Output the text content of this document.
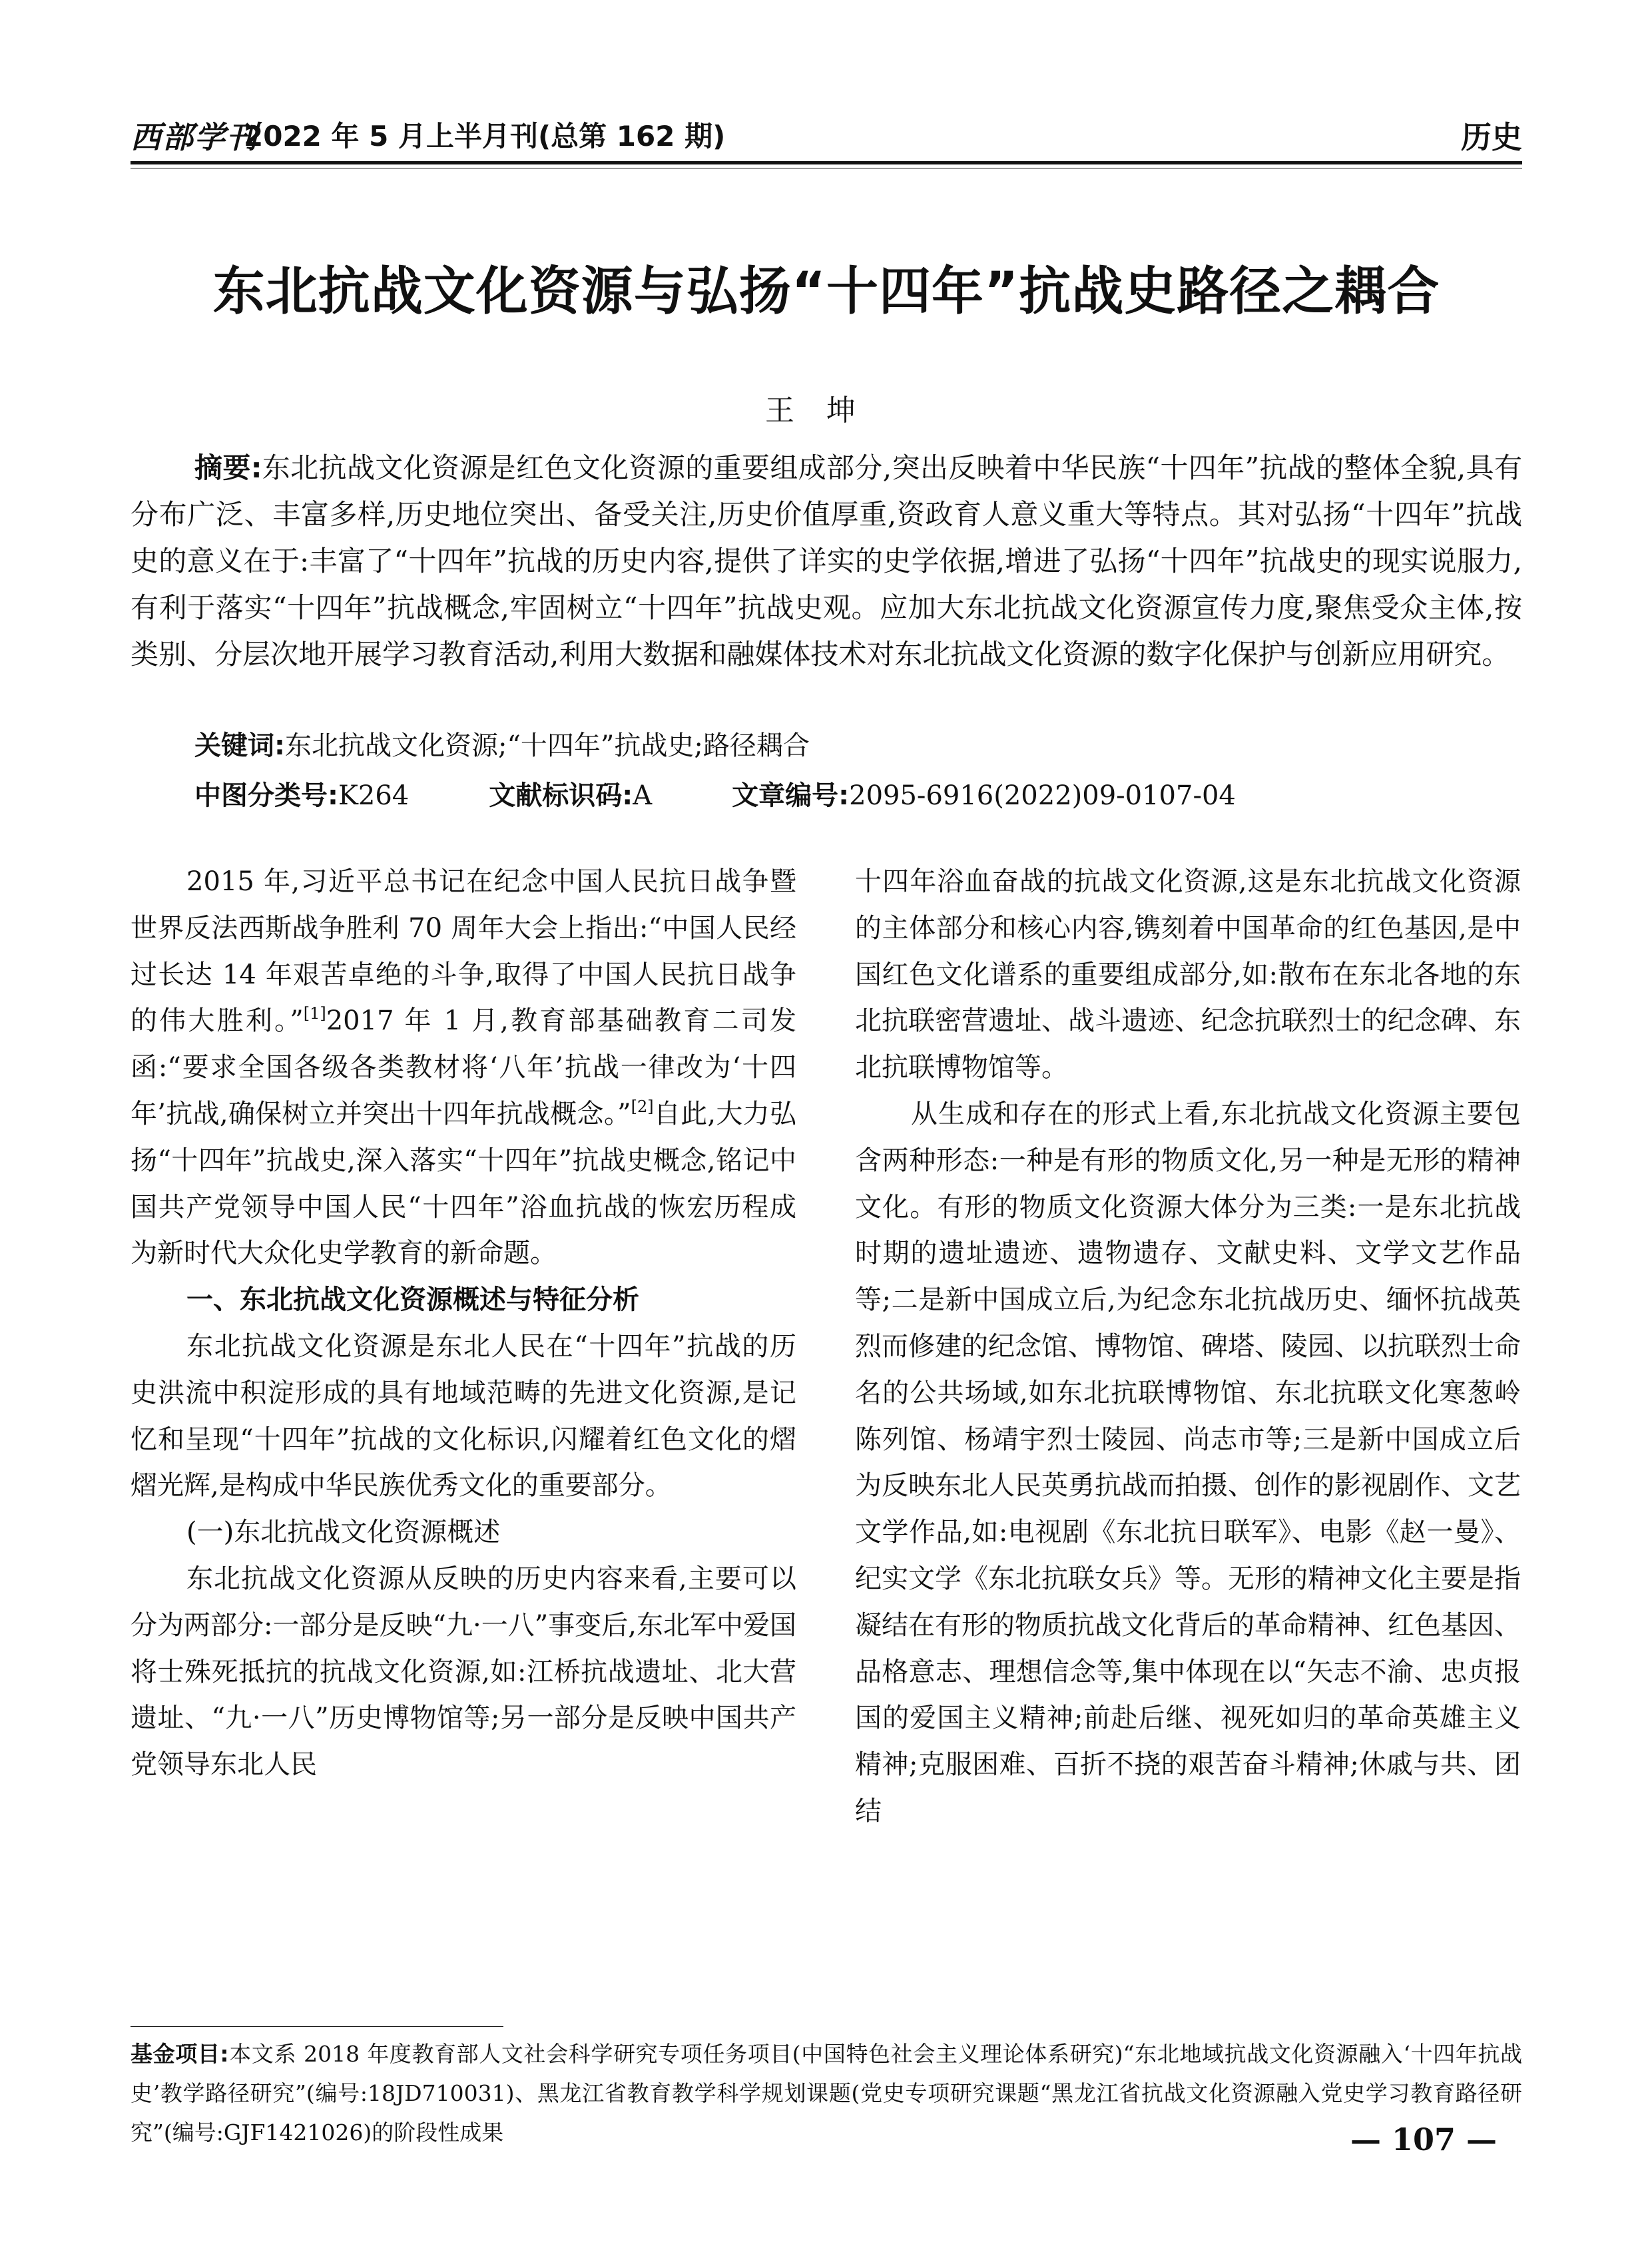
西部学刊
2022 年 5 月上半月刊(总第 162 期)	历史
东北抗战文化资源与弘扬“十四年”抗战史路径之耦合
王坤
摘要:东北抗战文化资源是红色文化资源的重要组成部分,突出反映着中华民族“十四年”抗战的整体全貌,具有分布广泛、丰富多样,历史地位突出、备受关注,历史价值厚重,资政育人意义重大等特点。其对弘扬“十四年”抗战史的意义在于:丰富了“十四年”抗战的历史内容,提供了详实的史学依据,增进了弘扬“十四年”抗战史的现实说服力,有利于落实“十四年”抗战概念,牢固树立“十四年”抗战史观。应加大东北抗战文化资源宣传力度,聚焦受众主体,按类别、分层次地开展学习教育活动,利用大数据和融媒体技术对东北抗战文化资源的数字化保护与创新应用研究。
关键词:东北抗战文化资源;“十四年”抗战史;路径耦合
中图分类号:K264	文献标识码:A	文章编号:2095-6916(2022)09-0107-04

2015 年,习近平总书记在纪念中国人民抗日战争暨世界反法西斯战争胜利 70 周年大会上指出:“中国人民经过长达 14 年艰苦卓绝的斗争,取得了中国人民抗日战争的伟大胜利。”[1]2017 年 1 月,教育部基础教育二司发函:“要求全国各级各类教材将‘八年’抗战一律改为‘十四年’抗战,确保树立并突出十四年抗战概念。”[2]自此,大力弘扬“十四年”抗战史,深入落实“十四年”抗战史概念,铭记中国共产党领导中国人民“十四年”浴血抗战的恢宏历程成为新时代大众化史学教育的新命题。

一、东北抗战文化资源概述与特征分析

东北抗战文化资源是东北人民在“十四年”抗战的历史洪流中积淀形成的具有地域范畴的先进文化资源,是记忆和呈现“十四年”抗战的文化标识,闪耀着红色文化的熠熠光辉,是构成中华民族优秀文化的重要部分。

(一)东北抗战文化资源概述

东北抗战文化资源从反映的历史内容来看,主要可以分为两部分:一部分是反映“九·一八”事变后,东北军中爱国将士殊死抵抗的抗战文化资源,如:江桥抗战遗址、北大营遗址、“九·一八”历史博物馆等;另一部分是反映中国共产党领导东北人民

十四年浴血奋战的抗战文化资源,这是东北抗战文化资源的主体部分和核心内容,镌刻着中国革命的红色基因,是中国红色文化谱系的重要组成部分,如:散布在东北各地的东北抗联密营遗址、战斗遗迹、纪念抗联烈士的纪念碑、东北抗联博物馆等。

从生成和存在的形式上看,东北抗战文化资源主要包含两种形态:一种是有形的物质文化,另一种是无形的精神文化。有形的物质文化资源大体分为三类:一是东北抗战时期的遗址遗迹、遗物遗存、文献史料、文学文艺作品等;二是新中国成立后,为纪念东北抗战历史、缅怀抗战英烈而修建的纪念馆、博物馆、碑塔、陵园、以抗联烈士命名的公共场域,如东北抗联博物馆、东北抗联文化寒葱岭陈列馆、杨靖宇烈士陵园、尚志市等;三是新中国成立后为反映东北人民英勇抗战而拍摄、创作的影视剧作、文艺文学作品,如:电视剧《东北抗日联军》、电影《赵一曼》、纪实文学《东北抗联女兵》等。无形的精神文化主要是指凝结在有形的物质抗战文化背后的革命精神、红色基因、品格意志、理想信念等,集中体现在以“矢志不渝、忠贞报国的爱国主义精神;前赴后继、视死如归的革命英雄主义精神;克服困难、百折不挠的艰苦奋斗精神;休戚与共、团结

基金项目:本文系 2018 年度教育部人文社会科学研究专项任务项目(中国特色社会主义理论体系研究)“东北地域抗战文化资源融入‘十四年抗战史’教学路径研究”(编号:18JD710031)、黑龙江省教育教学科学规划课题(党史专项研究课题“黑龙江省抗战文化资源融入党史学习教育路径研究”(编号:GJF1421026)的阶段性成果	— 107 —
